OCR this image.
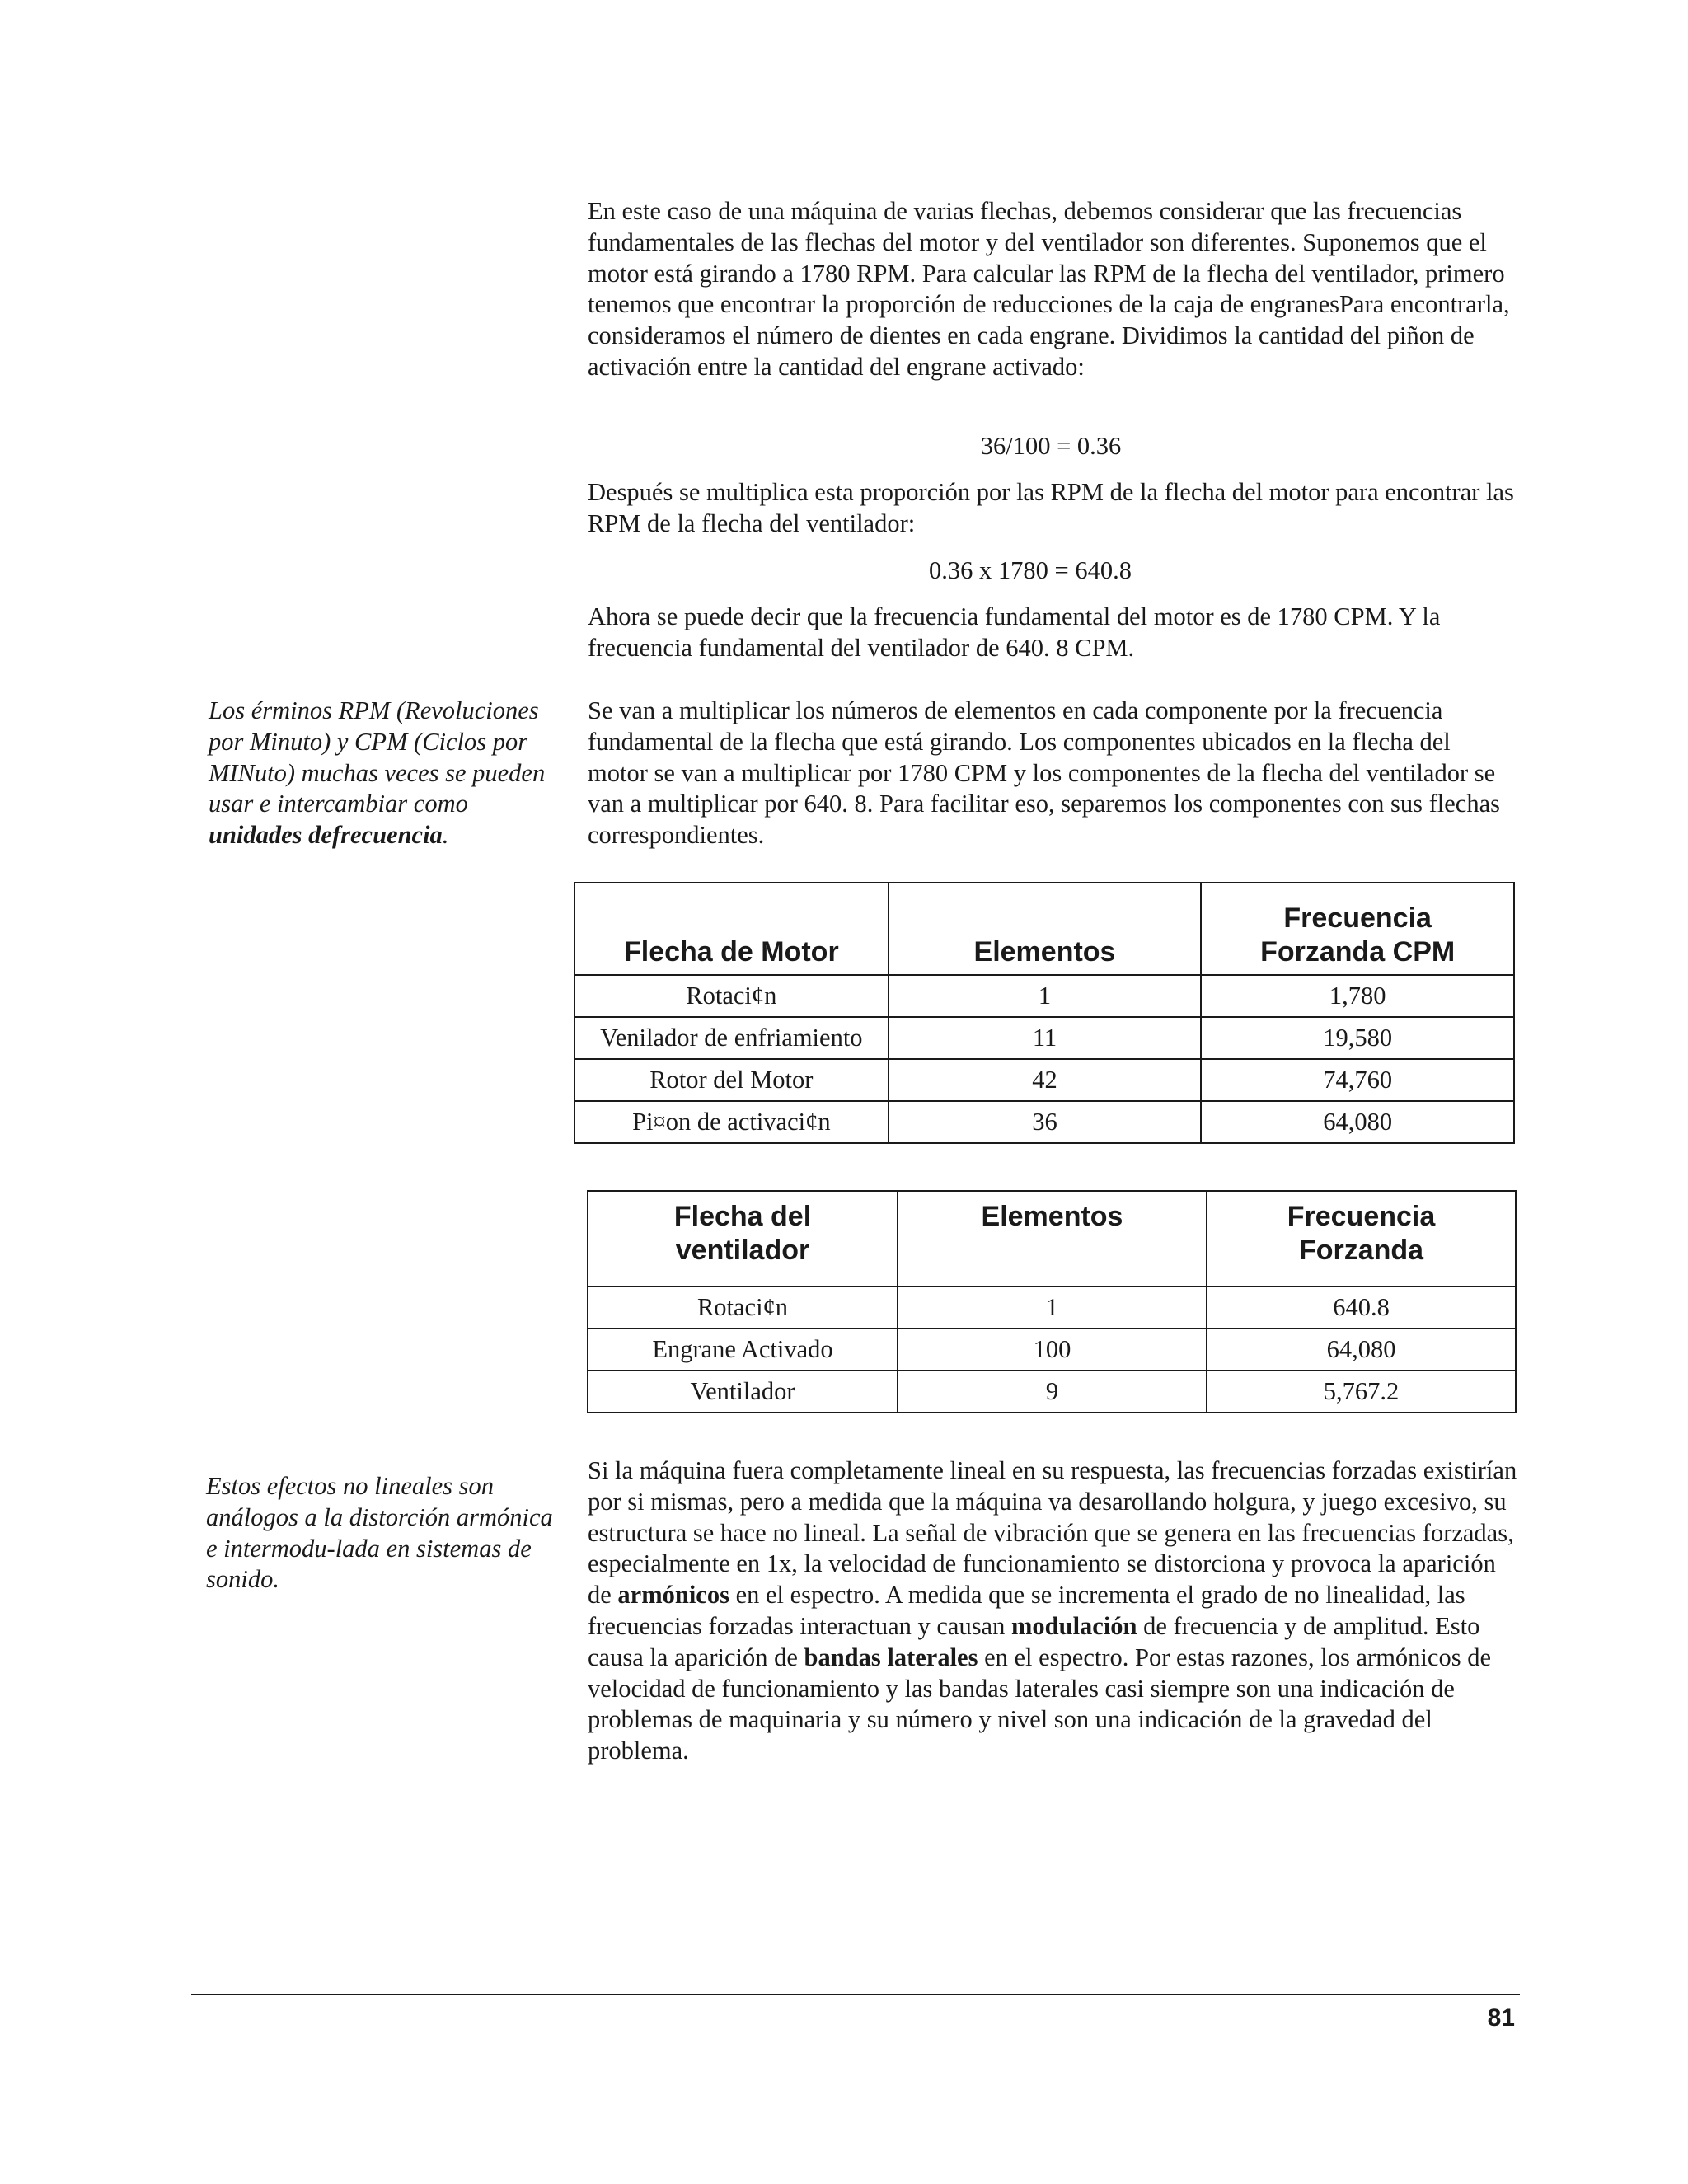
En este caso de una máquina de varias flechas, debemos considerar que las frecuencias fundamentales de las flechas del motor y del ventilador son diferentes. Suponemos que el motor está girando a 1780 RPM. Para calcular las RPM de la flecha del ventilador, primero tenemos que encontrar la proporción de reducciones de la caja de engranesPara encontrarla, consideramos el número de dientes en cada engrane. Dividimos la cantidad del piñon de activación entre la cantidad del engrane activado:

36/100 = 0.36

Después se multiplica esta proporción por las RPM de la flecha del motor para encontrar las RPM de la flecha del ventilador:

0.36 x 1780 = 640.8

Ahora se puede decir que la frecuencia fundamental del motor es de 1780 CPM. Y la frecuencia fundamental del ventilador de 640. 8 CPM.

Los érminos RPM (Revoluciones por Minuto) y CPM (Ciclos por MINuto) muchas veces se pueden usar e intercambiar como unidades defrecuencia.

Se van a multiplicar los números de elementos en cada componente por la frecuencia fundamental de la flecha que está girando. Los componentes ubicados en la flecha del motor se van a multiplicar por 1780 CPM y los componentes de la flecha del ventilador se van a multiplicar por 640. 8. Para facilitar eso, separemos los componentes con sus flechas correspondientes.

Flecha de Motor	Elementos	Frecuencia Forzanda CPM
Rotaci¢n	1	1,780
Venilador de enfriamiento	11	19,580
Rotor del Motor	42	74,760
Pi¤on de activaci¢n	36	64,080
Flecha del ventilador	Elementos	Frecuencia Forzanda
Rotaci¢n	1	640.8
Engrane Activado	100	64,080
Ventilador	9	5,767.2

Estos efectos no lineales son análogos a la distorción armónica e intermodu-lada en sistemas de sonido.

Si la máquina fuera completamente lineal en su respuesta, las frecuencias forzadas existirían por si mismas, pero a medida que la máquina va desarollando holgura, y juego excesivo, su estructura se hace no lineal. La señal de vibración que se genera en las frecuencias forzadas, especialmente en 1x, la velocidad de funcionamiento se distorciona y provoca la aparición de armónicos en el espectro. A medida que se incrementa el grado de no linealidad, las frecuencias forzadas interactuan y causan modulación de frecuencia y de amplitud. Esto causa la aparición de bandas laterales en el espectro. Por estas razones, los armónicos de velocidad de funcionamiento y las bandas laterales casi siempre son una indicación de problemas de maquinaria y su número y nivel son una indicación de la gravedad del problema.

81
